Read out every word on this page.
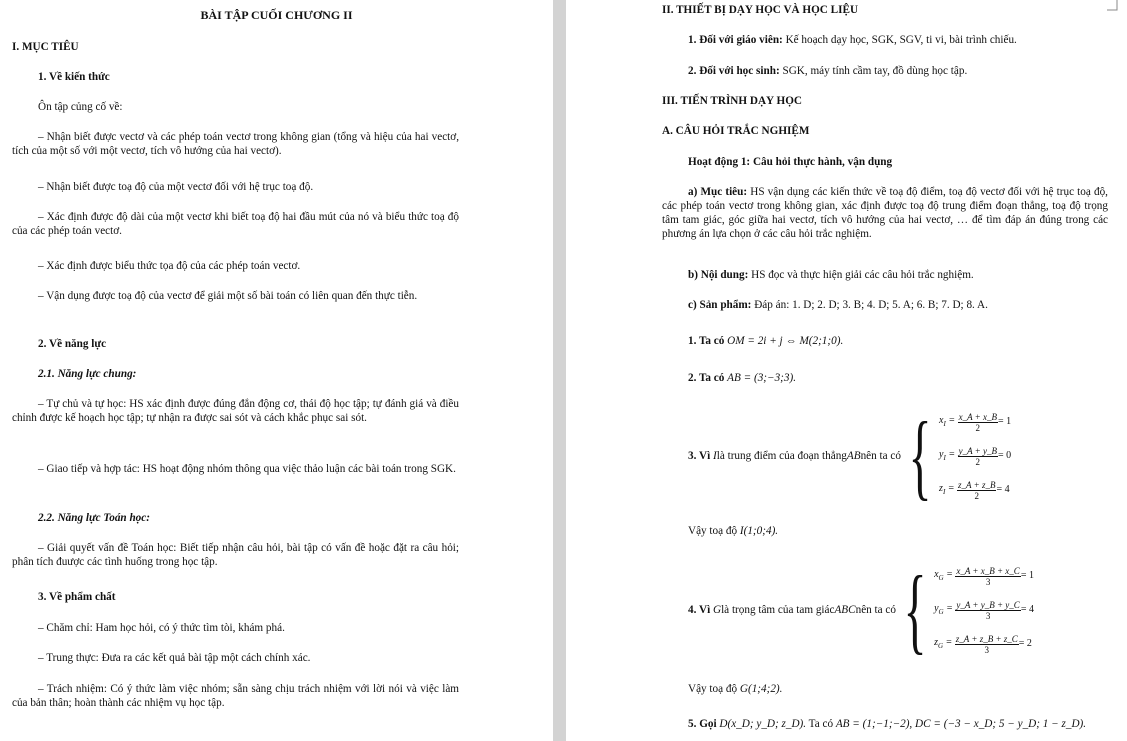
BÀI TẬP CUỐI CHƯƠNG II
I. MỤC TIÊU
1. Về kiến thức
Ôn tập củng cố về:
– Nhận biết được vectơ và các phép toán vectơ trong không gian (tổng và hiệu của hai vectơ, tích của một số với một vectơ, tích vô hướng của hai vectơ).
– Nhận biết được toạ độ của một vectơ đối với hệ trục toạ độ.
– Xác định được độ dài của một vectơ khi biết toạ độ hai đầu mút của nó và biểu thức toạ độ của các phép toán vectơ.
– Xác định được biểu thức tọa độ của các phép toán vectơ.
– Vận dụng được toạ độ của vectơ để giải một số bài toán có liên quan đến thực tiễn.
2. Về năng lực
2.1. Năng lực chung:
– Tự chủ và tự học: HS xác định được đúng đắn động cơ, thái độ học tập; tự đánh giá và điều chỉnh được kế hoạch học tập; tự nhận ra được sai sót và cách khắc phục sai sót.
– Giao tiếp và hợp tác: HS hoạt động nhóm thông qua việc thảo luận các bài toán trong SGK.
2.2. Năng lực Toán học:
– Giải quyết vấn đề Toán học: Biết tiếp nhận câu hỏi, bài tập có vấn đề hoặc đặt ra câu hỏi; phân tích đuược các tình huống trong học tập.
3. Về phẩm chất
– Chăm chỉ: Ham học hỏi, có ý thức tìm tòi, khám phá.
– Trung thực: Đưa ra các kết quả bài tập một cách chính xác.
– Trách nhiệm: Có ý thức làm việc nhóm; sẵn sàng chịu trách nhiệm với lời nói và việc làm của bản thân; hoàn thành các nhiệm vụ học tập.
II. THIẾT BỊ DẠY HỌC VÀ HỌC LIỆU
1. Đối với giáo viên: Kế hoạch dạy học, SGK, SGV, ti vi, bài trình chiếu.
2. Đối với học sinh: SGK, máy tính cầm tay, đồ dùng học tập.
III. TIẾN TRÌNH DẠY HỌC
A. CÂU HỎI TRẮC NGHIỆM
Hoạt động 1: Câu hỏi thực hành, vận dụng
a) Mục tiêu: HS vận dụng các kiến thức về toạ độ điểm, toạ độ vectơ đối với hệ trục toạ độ, các phép toán vectơ trong không gian, xác định được toạ độ trung điểm đoạn thẳng, toạ độ trọng tâm tam giác, góc giữa hai vectơ, tích vô hướng của hai vectơ, … để tìm đáp án đúng trong các phương án lựa chọn ở các câu hỏi trắc nghiệm.
b) Nội dung: HS đọc và thực hiện giải các câu hỏi trắc nghiệm.
c) Sản phẩm: Đáp án: 1. D; 2. D; 3. B; 4. D; 5. A; 6. B; 7. D; 8. A.
1. Ta có OM = 2i + j ⇔ M(2;1;0).
2. Ta có AB = (3;−3;3).
3. Vì
I là trung điểm của đoạn thẳng AB nên ta có { $x_I = \frac{x\_A + x\_B}{2} = 1$
$y_I = \frac{y\_A + y\_B}{2} = 0$
$z_I = \frac{z\_A + z\_B}{2} = 4$
Vậy toạ độ I(1;0;4).
4. Vì
G là trọng tâm của tam giác ABC nên ta có { $x_G = \frac{x\_A + x\_B + x\_C}{3} = 1$
$y_G = \frac{y\_A + y\_B + y\_C}{3} = 4$
$z_G = \frac{z\_A + z\_B + z\_C}{3} = 2$
Vậy toạ độ G(1;4;2).
5. Gọi D(x_D; y_D; z_D). Ta có AB = (1;−1;−2), DC = (−3 − x_D; 5 − y_D; 1 − z_D).
